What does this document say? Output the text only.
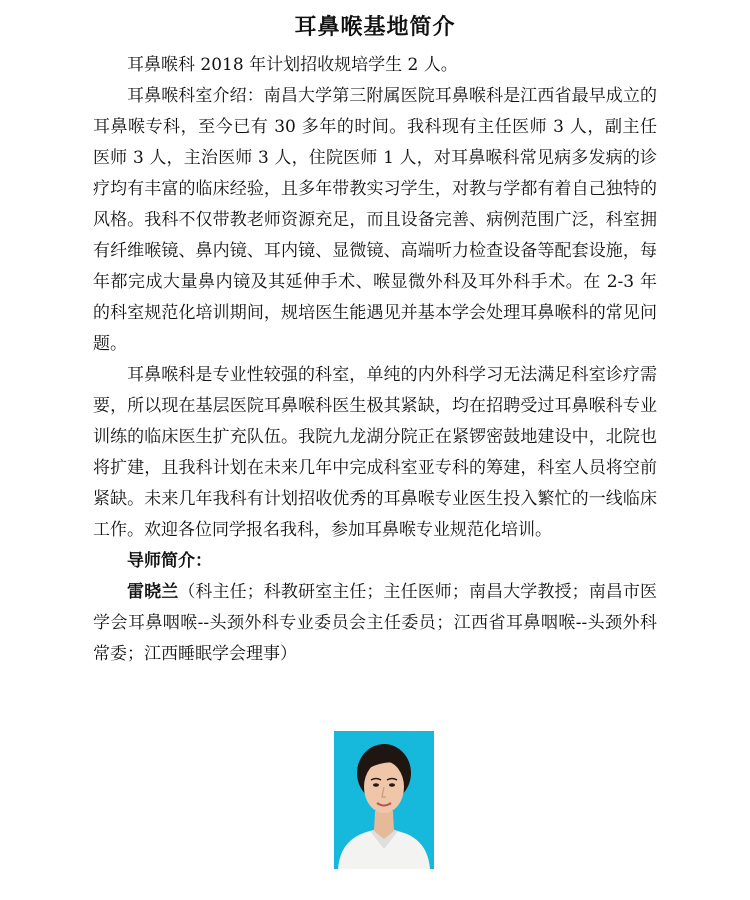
耳鼻喉基地简介

耳鼻喉科 2018 年计划招收规培学生 2 人。

耳鼻喉科室介绍：南昌大学第三附属医院耳鼻喉科是江西省最早成立的耳鼻喉专科，至今已有 30 多年的时间。我科现有主任医师 3 人，副主任医师 3 人，主治医师 3 人，住院医师 1 人，对耳鼻喉科常见病多发病的诊疗均有丰富的临床经验，且多年带教实习学生，对教与学都有着自己独特的风格。我科不仅带教老师资源充足，而且设备完善、病例范围广泛，科室拥有纤维喉镜、鼻内镜、耳内镜、显微镜、高端听力检查设备等配套设施，每年都完成大量鼻内镜及其延伸手术、喉显微外科及耳外科手术。在 2-3 年的科室规范化培训期间，规培医生能遇见并基本学会处理耳鼻喉科的常见问题。

耳鼻喉科是专业性较强的科室，单纯的内外科学习无法满足科室诊疗需要，所以现在基层医院耳鼻喉科医生极其紧缺，均在招聘受过耳鼻喉科专业训练的临床医生扩充队伍。我院九龙湖分院正在紧锣密鼓地建设中，北院也将扩建，且我科计划在未来几年中完成科室亚专科的筹建，科室人员将空前紧缺。未来几年我科有计划招收优秀的耳鼻喉专业医生投入繁忙的一线临床工作。欢迎各位同学报名我科，参加耳鼻喉专业规范化培训。

导师简介：

雷晓兰（科主任；科教研室主任；主任医师；南昌大学教授；南昌市医学会耳鼻咽喉--头颈外科专业委员会主任委员；江西省耳鼻咽喉--头颈外科常委；江西睡眠学会理事）
